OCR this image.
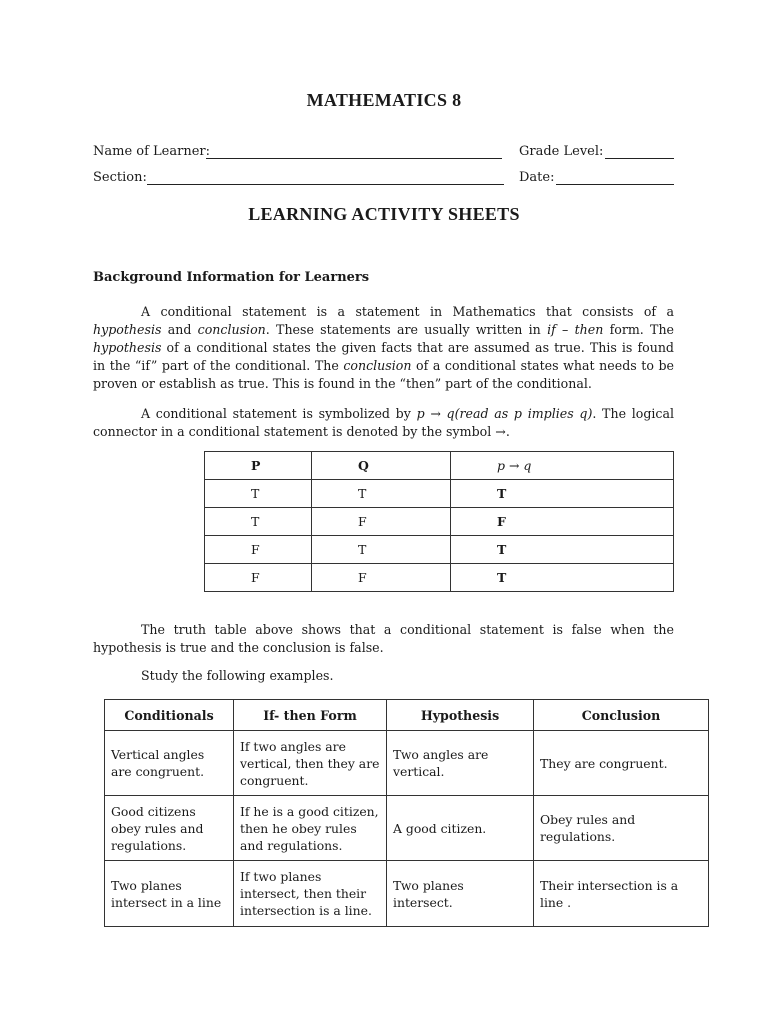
MATHEMATICS 8
Name of Learner:	Grade Level:
Section:	Date:
LEARNING ACTIVITY SHEETS
Background Information for Learners
A conditional statement is a statement in Mathematics that consists of a hypothesis and conclusion. These statements are usually written in if – then form. The hypothesis of a conditional states the given facts that are assumed as true. This is found in the “if” part of the conditional. The conclusion of a conditional states what needs to be proven or establish as true. This is found in the “then” part of the conditional.
A conditional statement is symbolized by p → q(read as p implies q). The logical connector in a conditional statement is denoted by the symbol →.
P	Q	p → q
T	T	T
T	F	F
F	T	T
F	F	T
The truth table above shows that a conditional statement is false when the hypothesis is true and the conclusion is false.
Study the following examples.
Conditionals	If- then Form	Hypothesis	Conclusion
Vertical angles are congruent.	If two angles are vertical, then they are congruent.	Two angles are vertical.	They are congruent.
Good citizens obey rules and regulations.	If he is a good citizen, then he obey rules and regulations.	A good citizen.	Obey rules and regulations.
Two planes intersect in a line	If two planes intersect, then their intersection is a line.	Two planes intersect.	Their intersection is a line .
